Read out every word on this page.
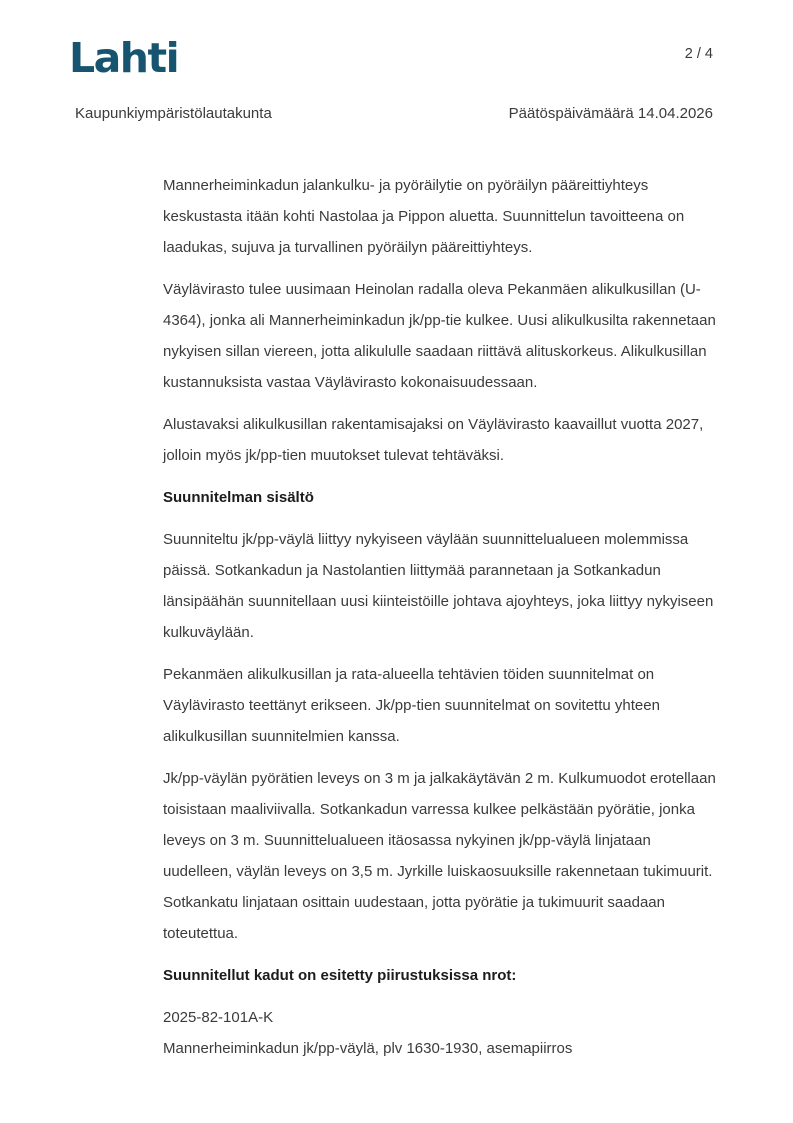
Lahti	2 / 4
Kaupunkiympäristölautakunta	Päätöspäivämäärä 14.04.2026

Mannerheiminkadun jalankulku- ja pyöräilytie on pyöräilyn pääreittiyhteys keskustasta itään kohti Nastolaa ja Pippon aluetta. Suunnittelun tavoitteena on laadukas, sujuva ja turvallinen pyöräilyn pääreittiyhteys.

Väylävirasto tulee uusimaan Heinolan radalla oleva Pekanmäen alikulkusillan (U-4364), jonka ali Mannerheiminkadun jk/pp-tie kulkee. Uusi alikulkusilta rakennetaan nykyisen sillan viereen, jotta alikululle saadaan riittävä alituskorkeus. Alikulkusillan kustannuksista vastaa Väylävirasto kokonaisuudessaan.

Alustavaksi alikulkusillan rakentamisajaksi on Väylävirasto kaavaillut vuotta 2027, jolloin myös jk/pp-tien muutokset tulevat tehtäväksi.

Suunnitelman sisältö

Suunniteltu jk/pp-väylä liittyy nykyiseen väylään suunnittelualueen molemmissa päissä. Sotkankadun ja Nastolantien liittymää parannetaan ja Sotkankadun länsipäähän suunnitellaan uusi kiinteistöille johtava ajoyhteys, joka liittyy nykyiseen kulkuväylään.

Pekanmäen alikulkusillan ja rata-alueella tehtävien töiden suunnitelmat on Väylävirasto teettänyt erikseen. Jk/pp-tien suunnitelmat on sovitettu yhteen alikulkusillan suunnitelmien kanssa.

Jk/pp-väylän pyörätien leveys on 3 m ja jalkakäytävän 2 m. Kulkumuodot erotellaan toisistaan maaliviivalla. Sotkankadun varressa kulkee pelkästään pyörätie, jonka leveys on 3 m. Suunnittelualueen itäosassa nykyinen jk/pp-väylä linjataan uudelleen, väylän leveys on 3,5 m. Jyrkille luiskaosuuksille rakennetaan tukimuurit. Sotkankatu linjataan osittain uudestaan, jotta pyörätie ja tukimuurit saadaan toteutettua.

Suunnitellut kadut on esitetty piirustuksissa nrot:

2025-82-101A-K

Mannerheiminkadun jk/pp-väylä, plv 1630-1930, asemapiirros
